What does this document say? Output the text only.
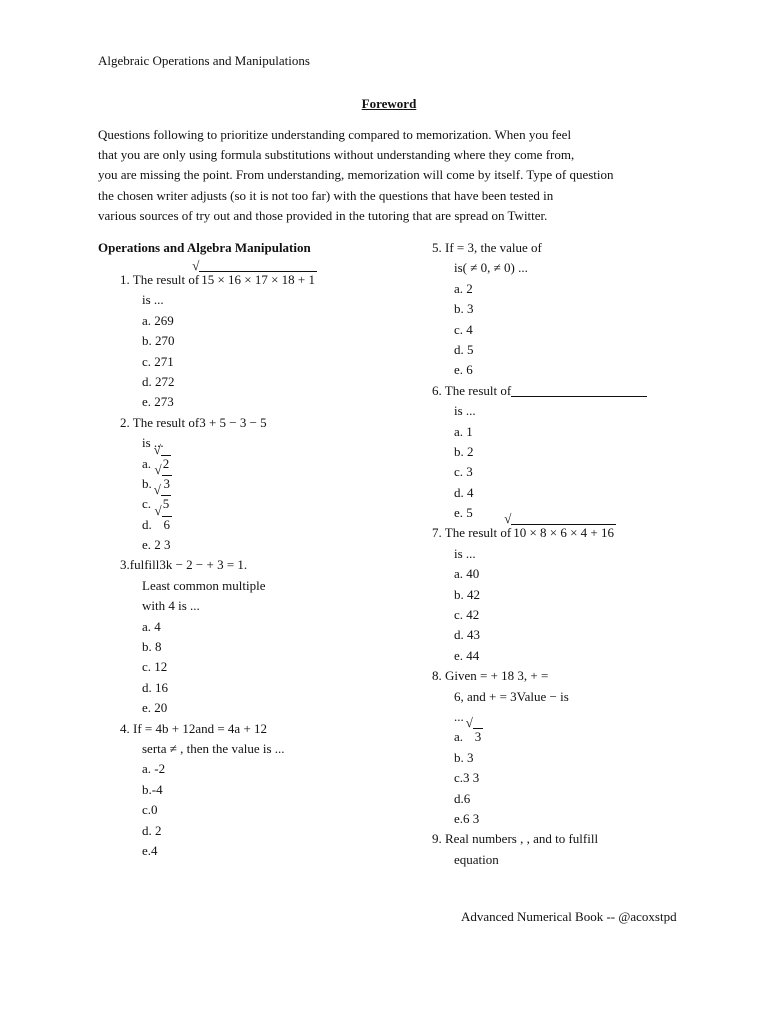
Algebraic Operations and Manipulations
Foreword
Questions following to prioritize understanding compared to memorization. When you feel
that you are only using formula substitutions without understanding where they come from,
you are missing the point. From understanding, memorization will come by itself. Type of question
the chosen writer adjusts (so it is not too far) with the questions that have been tested in
various sources of try out and those provided in the tutoring that are spread on Twitter.
Operations and Algebra Manipulation
1. The result of √ 15 × 16 × 17 × 18 + 1
is ...
a. 269
b. 270
c. 271
d. 272
e. 273
2. The result of3 + 5 − 3 − 5
is ...
a. √ 2
b. √ 3
c. √ 5
d. √ 6
e. 2 3
3.fulfill3k − 2 − + 3 = 1.
Least common multiple
with 4 is ...
a. 4
b. 8
c. 12
d. 16
e. 20
4. If = 4b + 12and = 4a + 12
serta ≠ , then the value is ...
a. -2
b.-4
c.0
d. 2
e.4
5. If = 3, the value of
is( ≠ 0, ≠ 0) ...
a. 2
b. 3
c. 4
d. 5
e. 6
6. The result of
is ...
a. 1
b. 2
c. 3
d. 4
e. 5
7. The result of √ 10 × 8 × 6 × 4 + 16
is ...
a. 40
b. 42
c. 42
d. 43
e. 44
8. Given = + 18 3, + =
6, and + = 3Value − is
...
a. √ 3
b. 3
c.3 3
d.6
e.6 3
9. Real numbers , , and to fulfill
equation
Advanced Numerical Book -- @acoxstpd
